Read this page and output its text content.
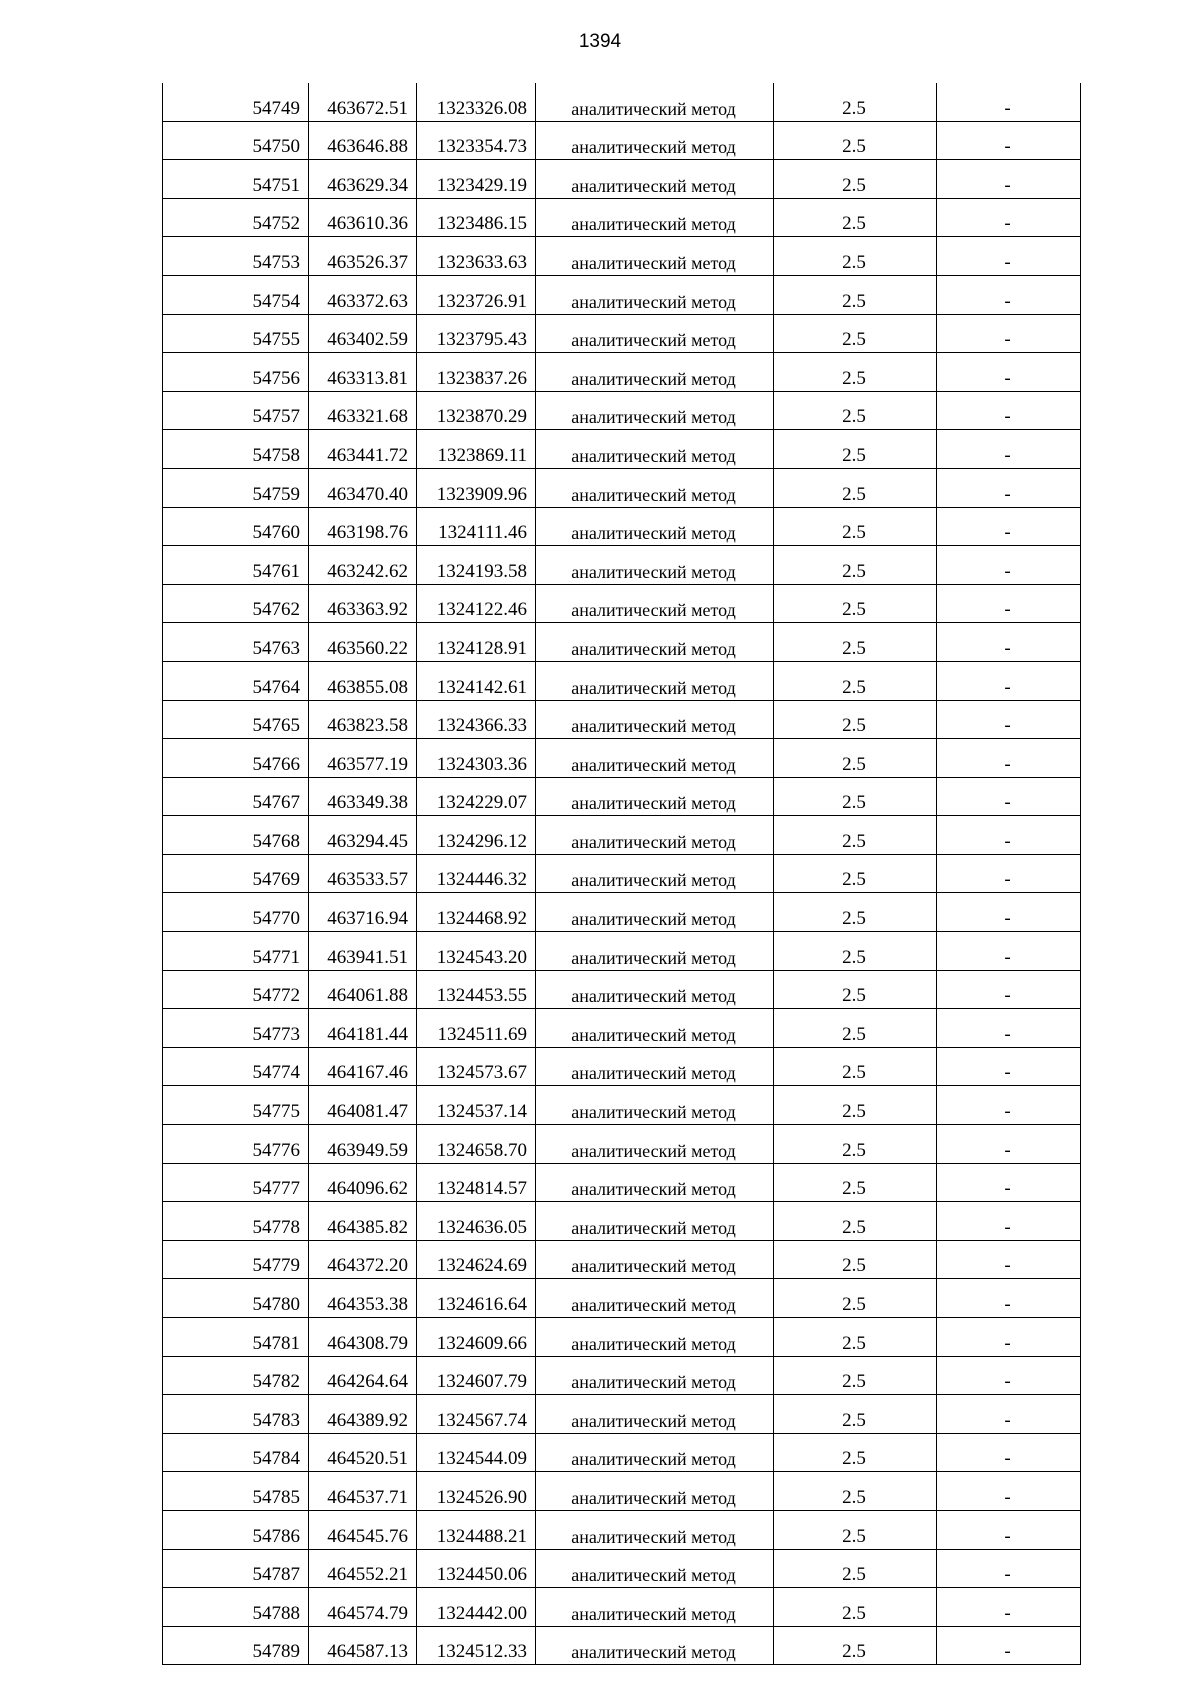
1394
54749	463672.51	1323326.08	аналитический метод	2.5	-
54750	463646.88	1323354.73	аналитический метод	2.5	-
54751	463629.34	1323429.19	аналитический метод	2.5	-
54752	463610.36	1323486.15	аналитический метод	2.5	-
54753	463526.37	1323633.63	аналитический метод	2.5	-
54754	463372.63	1323726.91	аналитический метод	2.5	-
54755	463402.59	1323795.43	аналитический метод	2.5	-
54756	463313.81	1323837.26	аналитический метод	2.5	-
54757	463321.68	1323870.29	аналитический метод	2.5	-
54758	463441.72	1323869.11	аналитический метод	2.5	-
54759	463470.40	1323909.96	аналитический метод	2.5	-
54760	463198.76	1324111.46	аналитический метод	2.5	-
54761	463242.62	1324193.58	аналитический метод	2.5	-
54762	463363.92	1324122.46	аналитический метод	2.5	-
54763	463560.22	1324128.91	аналитический метод	2.5	-
54764	463855.08	1324142.61	аналитический метод	2.5	-
54765	463823.58	1324366.33	аналитический метод	2.5	-
54766	463577.19	1324303.36	аналитический метод	2.5	-
54767	463349.38	1324229.07	аналитический метод	2.5	-
54768	463294.45	1324296.12	аналитический метод	2.5	-
54769	463533.57	1324446.32	аналитический метод	2.5	-
54770	463716.94	1324468.92	аналитический метод	2.5	-
54771	463941.51	1324543.20	аналитический метод	2.5	-
54772	464061.88	1324453.55	аналитический метод	2.5	-
54773	464181.44	1324511.69	аналитический метод	2.5	-
54774	464167.46	1324573.67	аналитический метод	2.5	-
54775	464081.47	1324537.14	аналитический метод	2.5	-
54776	463949.59	1324658.70	аналитический метод	2.5	-
54777	464096.62	1324814.57	аналитический метод	2.5	-
54778	464385.82	1324636.05	аналитический метод	2.5	-
54779	464372.20	1324624.69	аналитический метод	2.5	-
54780	464353.38	1324616.64	аналитический метод	2.5	-
54781	464308.79	1324609.66	аналитический метод	2.5	-
54782	464264.64	1324607.79	аналитический метод	2.5	-
54783	464389.92	1324567.74	аналитический метод	2.5	-
54784	464520.51	1324544.09	аналитический метод	2.5	-
54785	464537.71	1324526.90	аналитический метод	2.5	-
54786	464545.76	1324488.21	аналитический метод	2.5	-
54787	464552.21	1324450.06	аналитический метод	2.5	-
54788	464574.79	1324442.00	аналитический метод	2.5	-
54789	464587.13	1324512.33	аналитический метод	2.5	-
